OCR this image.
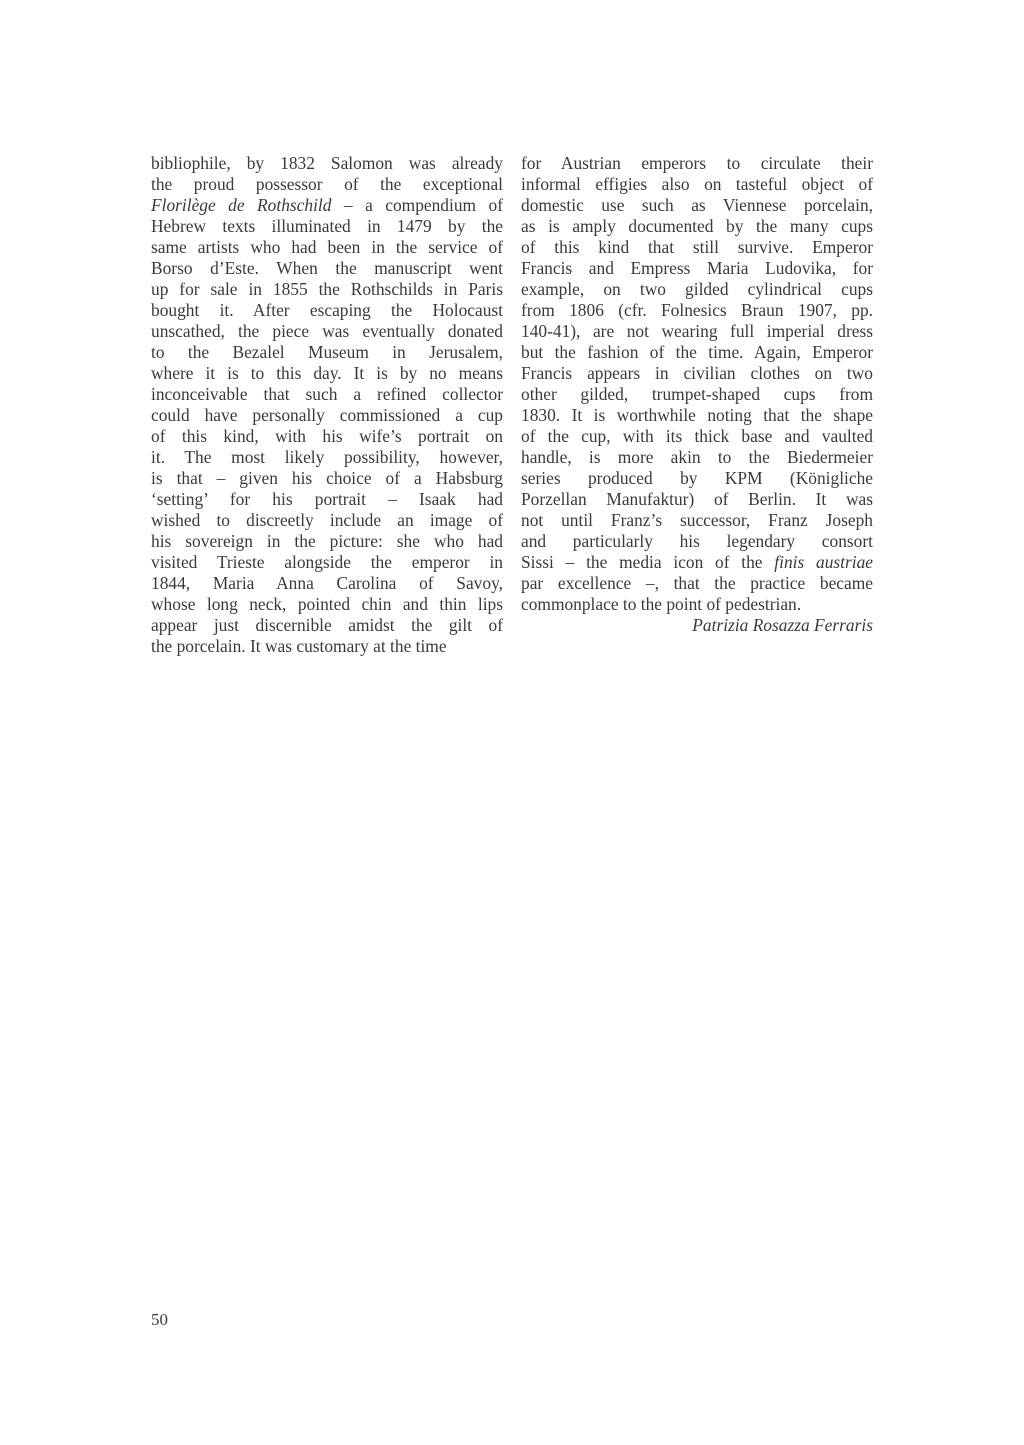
bibliophile, by 1832 Salomon was already

the proud possessor of the exceptional

Florilège de Rothschild – a compendium of

Hebrew texts illuminated in 1479 by the

same artists who had been in the service of

Borso d’Este. When the manuscript went

up for sale in 1855 the Rothschilds in Paris

bought it. After escaping the Holocaust

unscathed, the piece was eventually donated

to the Bezalel Museum in Jerusalem,

where it is to this day. It is by no means

inconceivable that such a refined collector

could have personally commissioned a cup

of this kind, with his wife’s portrait on

it. The most likely possibility, however,

is that – given his choice of a Habsburg

‘setting’ for his portrait – Isaak had

wished to discreetly include an image of

his sovereign in the picture: she who had

visited Trieste alongside the emperor in

1844, Maria Anna Carolina of Savoy,

whose long neck, pointed chin and thin lips

appear just discernible amidst the gilt of

the porcelain. It was customary at the time

for Austrian emperors to circulate their

informal effigies also on tasteful object of

domestic use such as Viennese porcelain,

as is amply documented by the many cups

of this kind that still survive. Emperor

Francis and Empress Maria Ludovika, for

example, on two gilded cylindrical cups

from 1806 (cfr. Folnesics Braun 1907, pp.

140-41), are not wearing full imperial dress

but the fashion of the time. Again, Emperor

Francis appears in civilian clothes on two

other gilded, trumpet-shaped cups from

1830. It is worthwhile noting that the shape

of the cup, with its thick base and vaulted

handle, is more akin to the Biedermeier

series produced by KPM (Königliche

Porzellan Manufaktur) of Berlin. It was

not until Franz’s successor, Franz Joseph

and particularly his legendary consort

Sissi – the media icon of the finis austriae

par excellence –, that the practice became

commonplace to the point of pedestrian.

Patrizia Rosazza Ferraris

50
